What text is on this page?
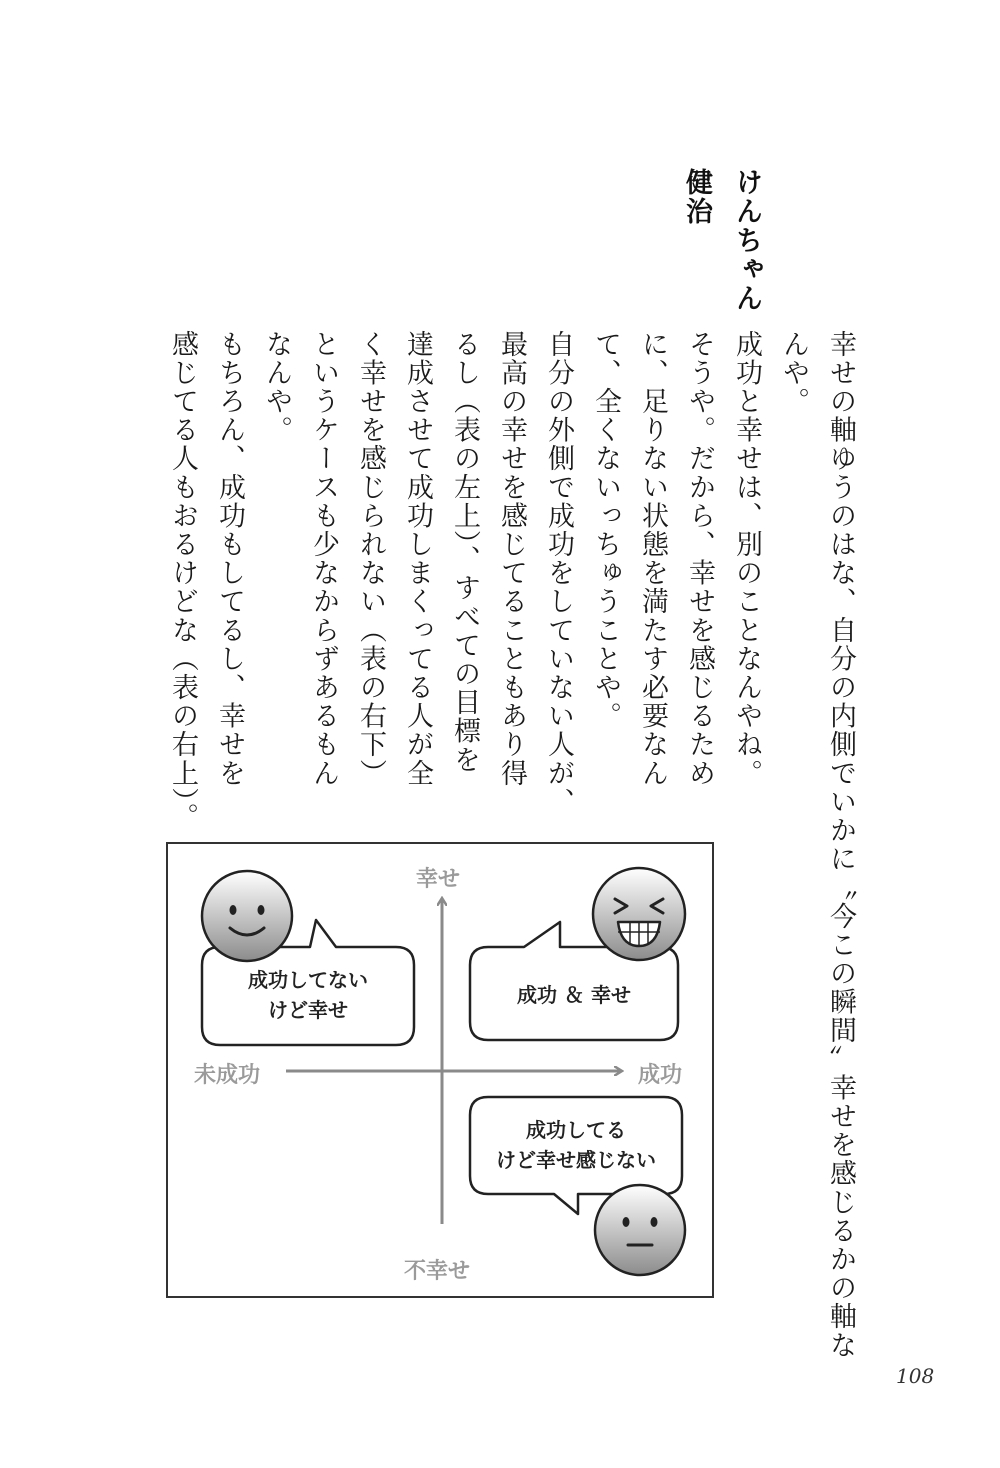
けんちゃん
健治
幸せの軸ゆうのはな、自分の内側でいかに〝今この瞬間〟幸せを感じるかの軸な
んや。
成功と幸せは、別のことなんやね。
そうや。だから、幸せを感じるため
に、足りない状態を満たす必要なん
て、全くないっちゅうことや。
自分の外側で成功をしていない人が、
最高の幸せを感じてることもあり得
るし（表の左上）、すべての目標を
達成させて成功しまくってる人が全
く幸せを感じられない（表の右下）
というケースも少なからずあるもん
なんや。
もちろん、成功もしてるし、幸せを
感じてる人もおるけどな（表の右上）。
幸せ
不幸せ
未成功	成功
成功してない
けど幸せ
成功 ＆ 幸せ
成功してる
けど幸せ感じない
108
